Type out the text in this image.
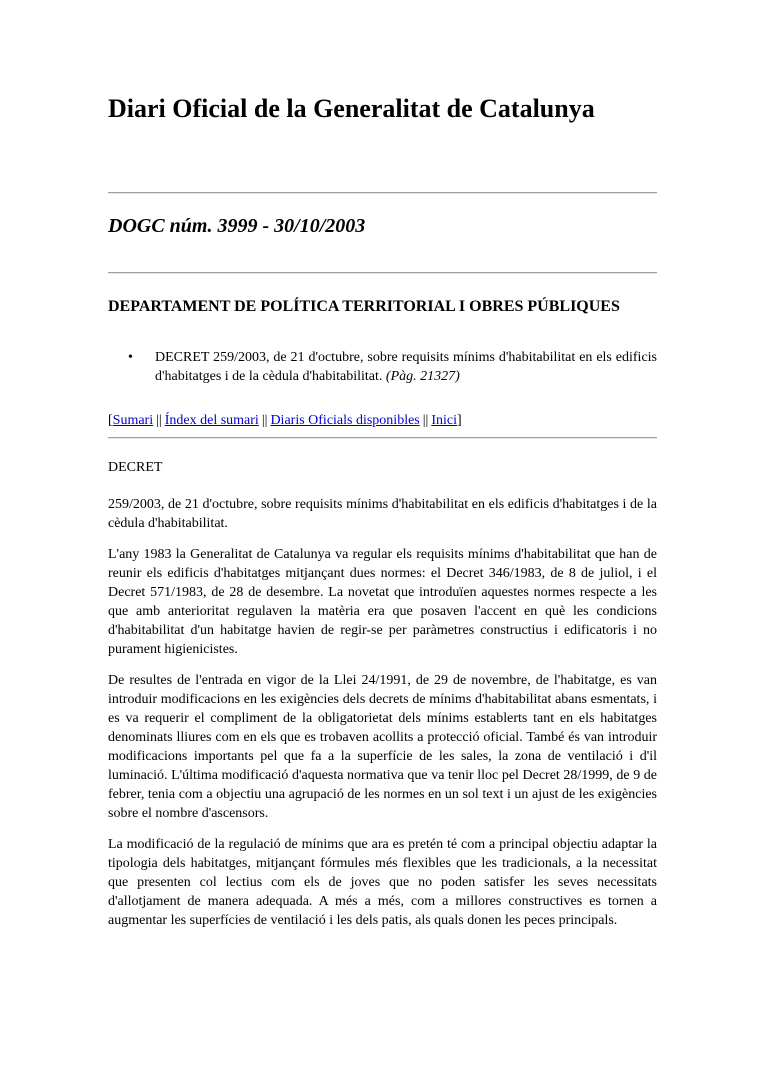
Diari Oficial de la Generalitat de Catalunya
DOGC núm. 3999 - 30/10/2003
DEPARTAMENT DE POLÍTICA TERRITORIAL I OBRES PÚBLIQUES
• DECRET 259/2003, de 21 d'octubre, sobre requisits mínims d'habitabilitat en els edificis d'habitatges i de la cèdula d'habitabilitat. (Pàg. 21327)
[Sumari || Índex del sumari || Diaris Oficials disponibles || Inici]

DECRET

259/2003, de 21 d'octubre, sobre requisits mínims d'habitabilitat en els edificis d'habitatges i de la cèdula d'habitabilitat.

L'any 1983 la Generalitat de Catalunya va regular els requisits mínims d'habitabilitat que han de reunir els edificis d'habitatges mitjançant dues normes: el Decret 346/1983, de 8 de juliol, i el Decret 571/1983, de 28 de desembre. La novetat que introduïen aquestes normes respecte a les que amb anterioritat regulaven la matèria era que posaven l'accent en què les condicions d'habitabilitat d'un habitatge havien de regir-se per paràmetres constructius i edificatoris i no purament higienicistes.

De resultes de l'entrada en vigor de la Llei 24/1991, de 29 de novembre, de l'habitatge, es van introduir modificacions en les exigències dels decrets de mínims d'habitabilitat abans esmentats, i es va requerir el compliment de la obligatorietat dels mínims establerts tant en els habitatges denominats lliures com en els que es trobaven acollits a protecció oficial. També és van introduir modificacions importants pel que fa a la superfície de les sales, la zona de ventilació i d'il luminació. L'última modificació d'aquesta normativa que va tenir lloc pel Decret 28/1999, de 9 de febrer, tenia com a objectiu una agrupació de les normes en un sol text i un ajust de les exigències sobre el nombre d'ascensors.

La modificació de la regulació de mínims que ara es pretén té com a principal objectiu adaptar la tipologia dels habitatges, mitjançant fórmules més flexibles que les tradicionals, a la necessitat que presenten col lectius com els de joves que no poden satisfer les seves necessitats d'allotjament de manera adequada. A més a més, com a millores constructives es tornen a augmentar les superfícies de ventilació i les dels patis, als quals donen les peces principals.
